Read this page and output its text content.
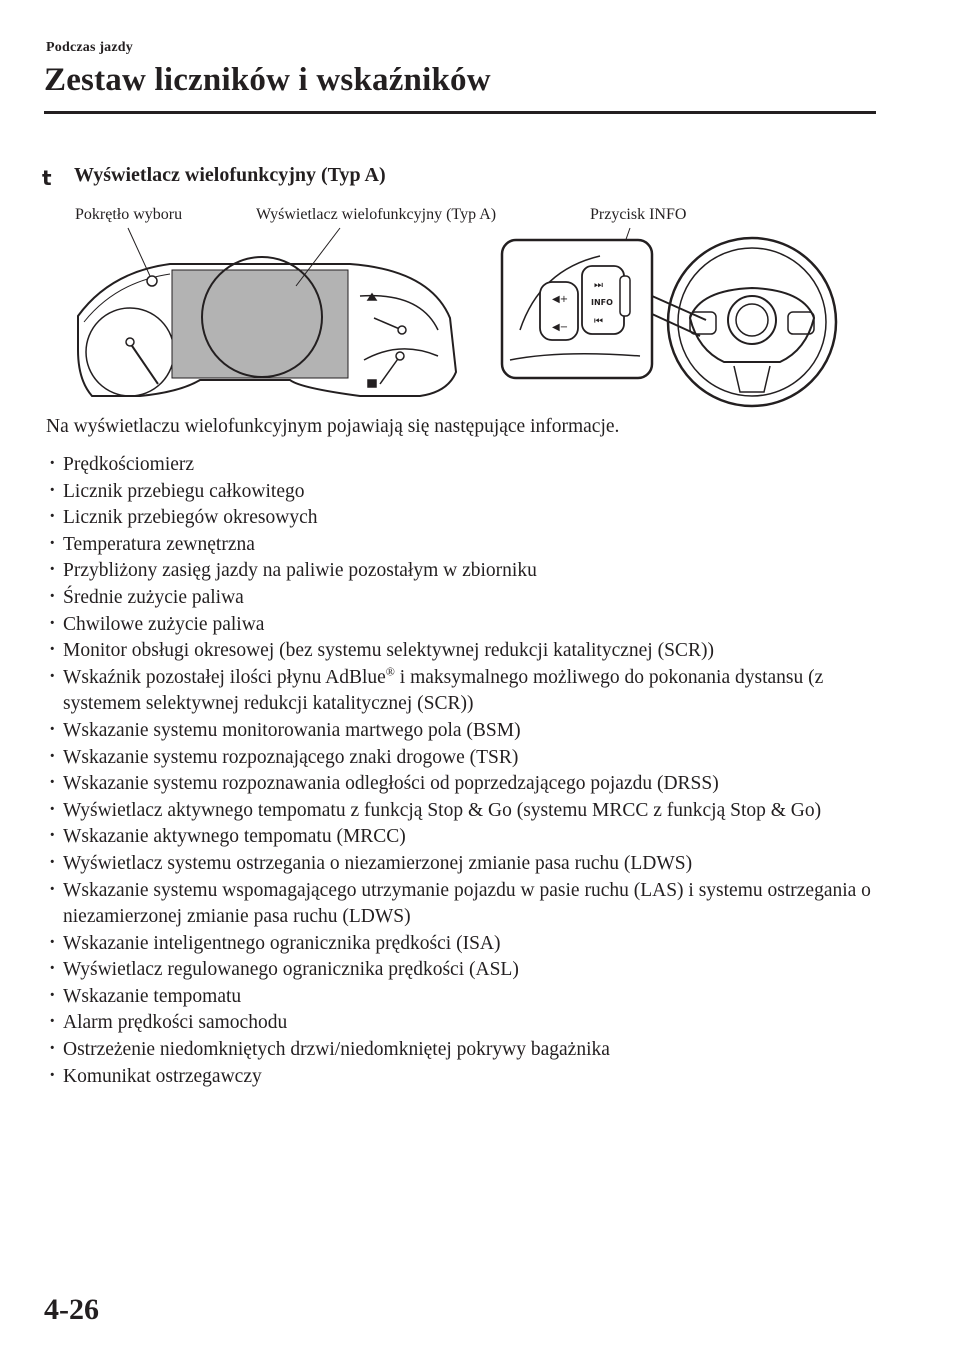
Podczas jazdy
Zestaw liczników i wskaźników
t Wyświetlacz wielofunkcyjny (Typ A)
Pokrętło wyboru	Wyświetlacz wielofunkcyjny (Typ A)	Przycisk INFO
◀+
◀−
⏭
INFO
⏮

Na wyświetlaczu wielofunkcyjnym pojawiają się następujące informacje.

· Prędkościomierz
· Licznik przebiegu całkowitego
· Licznik przebiegów okresowych
· Temperatura zewnętrzna
· Przybliżony zasięg jazdy na paliwie pozostałym w zbiorniku
· Średnie zużycie paliwa
· Chwilowe zużycie paliwa
· Monitor obsługi okresowej (bez systemu selektywnej redukcji katalitycznej (SCR))
· Wskaźnik pozostałej ilości płynu AdBlue® i maksymalnego możliwego do pokonania dystansu (z systemem selektywnej redukcji katalitycznej (SCR))
· Wskazanie systemu monitorowania martwego pola (BSM)
· Wskazanie systemu rozpoznającego znaki drogowe (TSR)
· Wskazanie systemu rozpoznawania odległości od poprzedzającego pojazdu (DRSS)
· Wyświetlacz aktywnego tempomatu z funkcją Stop & Go (systemu MRCC z funkcją Stop & Go)
· Wskazanie aktywnego tempomatu (MRCC)
· Wyświetlacz systemu ostrzegania o niezamierzonej zmianie pasa ruchu (LDWS)
· Wskazanie systemu wspomagającego utrzymanie pojazdu w pasie ruchu (LAS) i systemu ostrzegania o niezamierzonej zmianie pasa ruchu (LDWS)
· Wskazanie inteligentnego ogranicznika prędkości (ISA)
· Wyświetlacz regulowanego ogranicznika prędkości (ASL)
· Wskazanie tempomatu
· Alarm prędkości samochodu
· Ostrzeżenie niedomkniętych drzwi/niedomkniętej pokrywy bagażnika
· Komunikat ostrzegawczy
4-26
